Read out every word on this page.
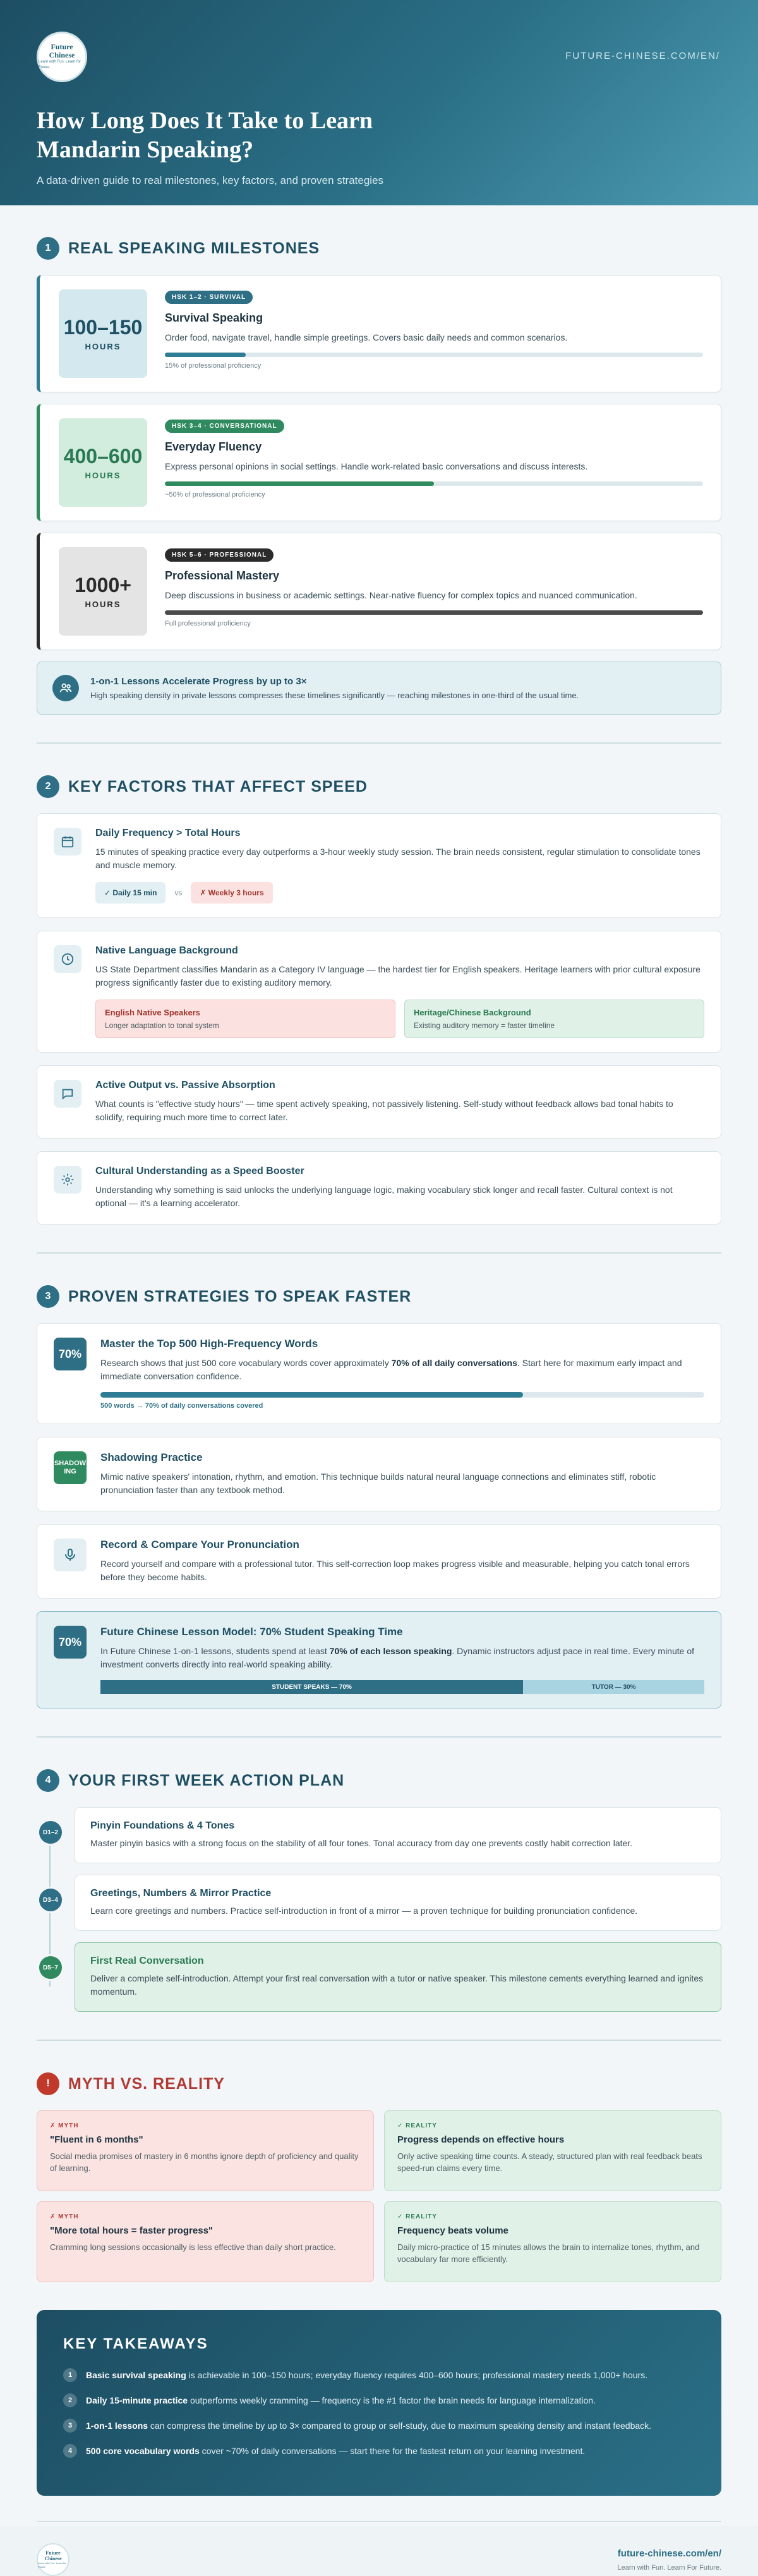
Future
Chinese
Learn with Fun. Learn for Future.
FUTURE-CHINESE.COM/EN/
How Long Does It Take to Learn Mandarin Speaking?

A data-driven guide to real milestones, key factors, and proven strategies

1	REAL SPEAKING MILESTONES
100–150
HOURS
HSK 1–2 · SURVIVAL
Survival Speaking
Order food, navigate travel, handle simple greetings. Covers basic daily needs and common scenarios.
15% of professional proficiency
400–600
HOURS
HSK 3–4 · CONVERSATIONAL
Everyday Fluency
Express personal opinions in social settings. Handle work-related basic conversations and discuss interests.
~50% of professional proficiency
1000+
HOURS
HSK 5–6 · PROFESSIONAL
Professional Mastery
Deep discussions in business or academic settings. Near-native fluency for complex topics and nuanced communication.
Full professional proficiency
1-on-1 Lessons Accelerate Progress by up to 3×
High speaking density in private lessons compresses these timelines significantly — reaching milestones in one-third of the usual time.
2	KEY FACTORS THAT AFFECT SPEED
Daily Frequency > Total Hours
15 minutes of speaking practice every day outperforms a 3-hour weekly study session. The brain needs consistent, regular stimulation to consolidate tones and muscle memory.
✓ Daily 15 min	vs	✗ Weekly 3 hours
Native Language Background
US State Department classifies Mandarin as a Category IV language — the hardest tier for English speakers. Heritage learners with prior cultural exposure progress significantly faster due to existing auditory memory.
English Native Speakers
Longer adaptation to tonal system
Heritage/Chinese Background
Existing auditory memory = faster timeline
Active Output vs. Passive Absorption
What counts is "effective study hours" — time spent actively speaking, not passively listening. Self-study without feedback allows bad tonal habits to solidify, requiring much more time to correct later.
Cultural Understanding as a Speed Booster
Understanding why something is said unlocks the underlying language logic, making vocabulary stick longer and recall faster. Cultural context is not optional — it's a learning accelerator.
3	PROVEN STRATEGIES TO SPEAK FASTER
70%
Master the Top 500 High-Frequency Words
Research shows that just 500 core vocabulary words cover approximately 70% of all daily conversations. Start here for maximum early impact and immediate conversation confidence.
500 words → 70% of daily conversations covered
SHADOW ING
Shadowing Practice
Mimic native speakers' intonation, rhythm, and emotion. This technique builds natural neural language connections and eliminates stiff, robotic pronunciation faster than any textbook method.
Record & Compare Your Pronunciation
Record yourself and compare with a professional tutor. This self-correction loop makes progress visible and measurable, helping you catch tonal errors before they become habits.
70%
Future Chinese Lesson Model: 70% Student Speaking Time
In Future Chinese 1-on-1 lessons, students spend at least 70% of each lesson speaking. Dynamic instructors adjust pace in real time. Every minute of investment converts directly into real-world speaking ability.
STUDENT SPEAKS — 70%	TUTOR — 30%
4	YOUR FIRST WEEK ACTION PLAN
D1–2
Pinyin Foundations & 4 Tones
Master pinyin basics with a strong focus on the stability of all four tones. Tonal accuracy from day one prevents costly habit correction later.
D3–4
Greetings, Numbers & Mirror Practice
Learn core greetings and numbers. Practice self-introduction in front of a mirror — a proven technique for building pronunciation confidence.
D5–7
First Real Conversation
Deliver a complete self-introduction. Attempt your first real conversation with a tutor or native speaker. This milestone cements everything learned and ignites momentum.
!	MYTH VS. REALITY
✗ MYTH
"Fluent in 6 months"
Social media promises of mastery in 6 months ignore depth of proficiency and quality of learning.
✓ REALITY
Progress depends on effective hours
Only active speaking time counts. A steady, structured plan with real feedback beats speed-run claims every time.
✗ MYTH
"More total hours = faster progress"
Cramming long sessions occasionally is less effective than daily short practice.
✓ REALITY
Frequency beats volume
Daily micro-practice of 15 minutes allows the brain to internalize tones, rhythm, and vocabulary far more efficiently.
KEY TAKEAWAYS
1	Basic survival speaking is achievable in 100–150 hours; everyday fluency requires 400–600 hours; professional mastery needs 1,000+ hours.
2	Daily 15-minute practice outperforms weekly cramming — frequency is the #1 factor the brain needs for language internalization.
3	1-on-1 lessons can compress the timeline by up to 3× compared to group or self-study, due to maximum speaking density and instant feedback.
4	500 core vocabulary words cover ~70% of daily conversations — start there for the fastest return on your learning investment.
Future
Chinese
Learn with Fun. Learn for Future.
future-chinese.com/en/
Learn with Fun. Learn For Future.
